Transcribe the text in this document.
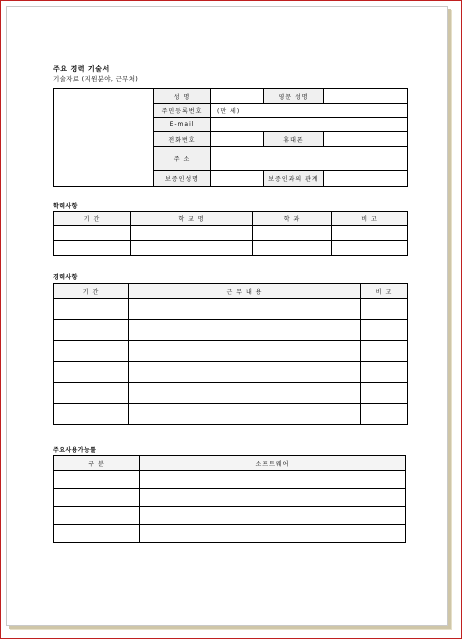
주요 경력 기술서
기술자료 (지원분야, 근무처)
	성 명		영문 성명	
	주민등록번호	(만 세)		
	E-mail			
	전화번호		휴대폰	
	주 소			
	보증인성명		보증인과의 관계	
학력사항
기 간	학 교 명	학 과	비 고

경력사항
기 간	근 무 내 용	비 고

주요사용가능툴
구 분	소프트웨어
